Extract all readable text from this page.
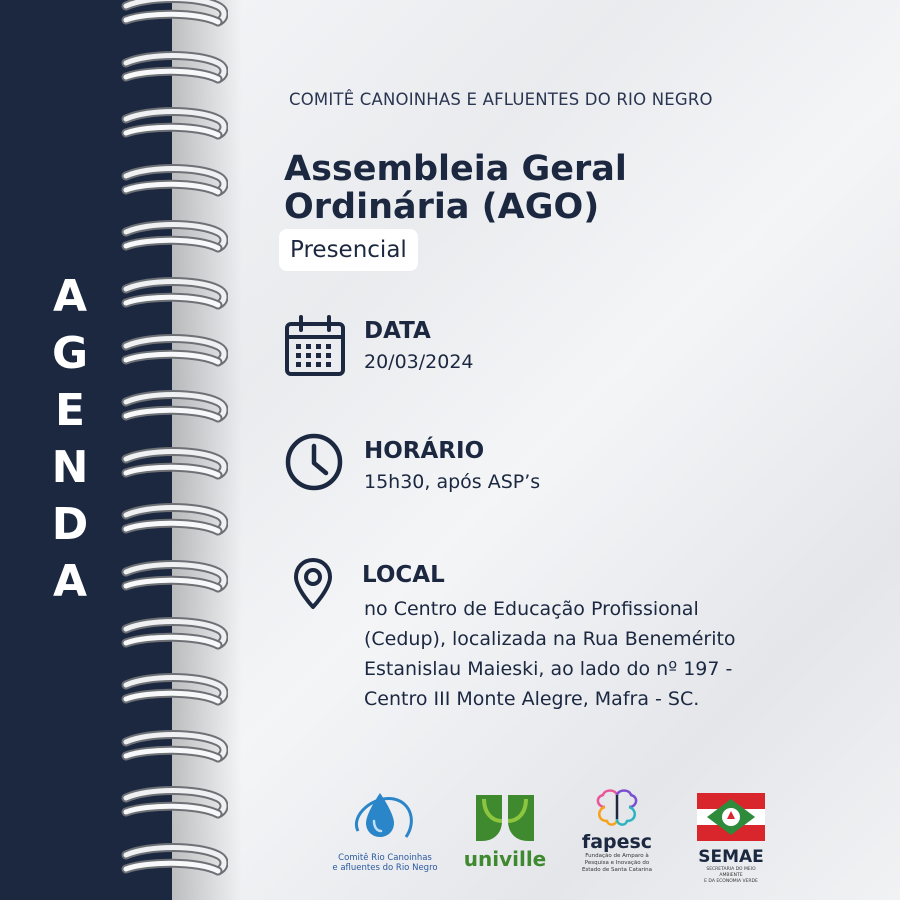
A
G
E
N
D
A
COMITÊ CANOINHAS E AFLUENTES DO RIO NEGRO
Assembleia Geral
Ordinária (AGO)
Presencial
DATA
20/03/2024
HORÁRIO
15h30, após ASP’s
LOCAL
no Centro de Educação Profissional
(Cedup), localizada na Rua Benemérito
Estanislau Maieski, ao lado do nº 197 -
Centro III Monte Alegre, Mafra - SC.
Comitê Rio Canoinhas
e afluentes do Rio Negro univille
fapesc
Fundação de Amparo à
Pesquisa e Inovação do
Estado de Santa Catarina
SEMAE
SECRETARIA DO MEIO AMBIENTE
E DA ECONOMIA VERDE
